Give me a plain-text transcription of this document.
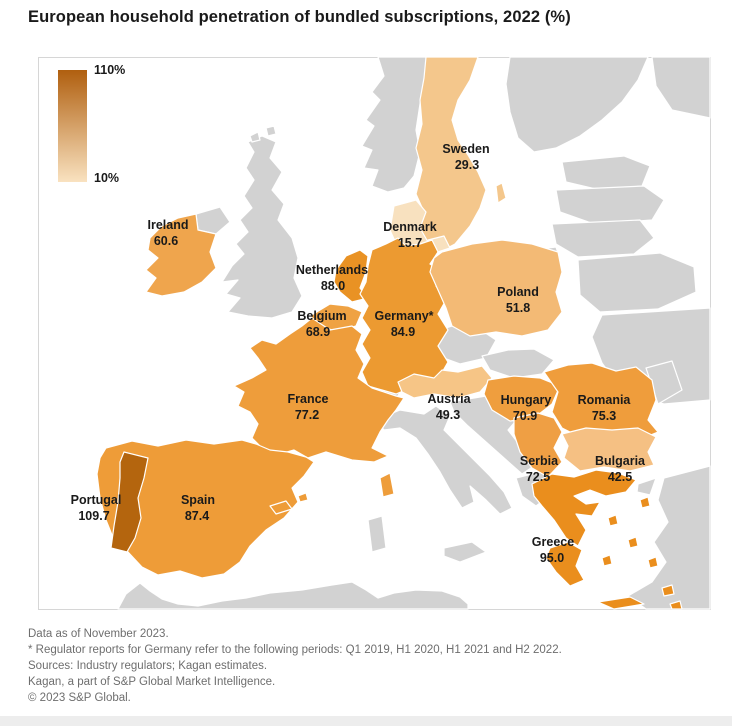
European household penetration of bundled subscriptions, 2022 (%)
Sweden
29.3
Denmark
15.7
Ireland
60.6
Netherlands
88.0
Belgium
68.9
Germany*
84.9
Poland
51.8
France
77.2
Austria
49.3
Hungary
70.9
Romania
75.3
Serbia
72.5
Bulgaria
42.5
Portugal
109.7
Spain
87.4
Greece
95.0
110%
10%
Data as of November 2023.
* Regulator reports for Germany refer to the following periods: Q1 2019, H1 2020, H1 2021 and H2 2022.
Sources: Industry regulators; Kagan estimates.
Kagan, a part of S&P Global Market Intelligence.
© 2023 S&P Global.
